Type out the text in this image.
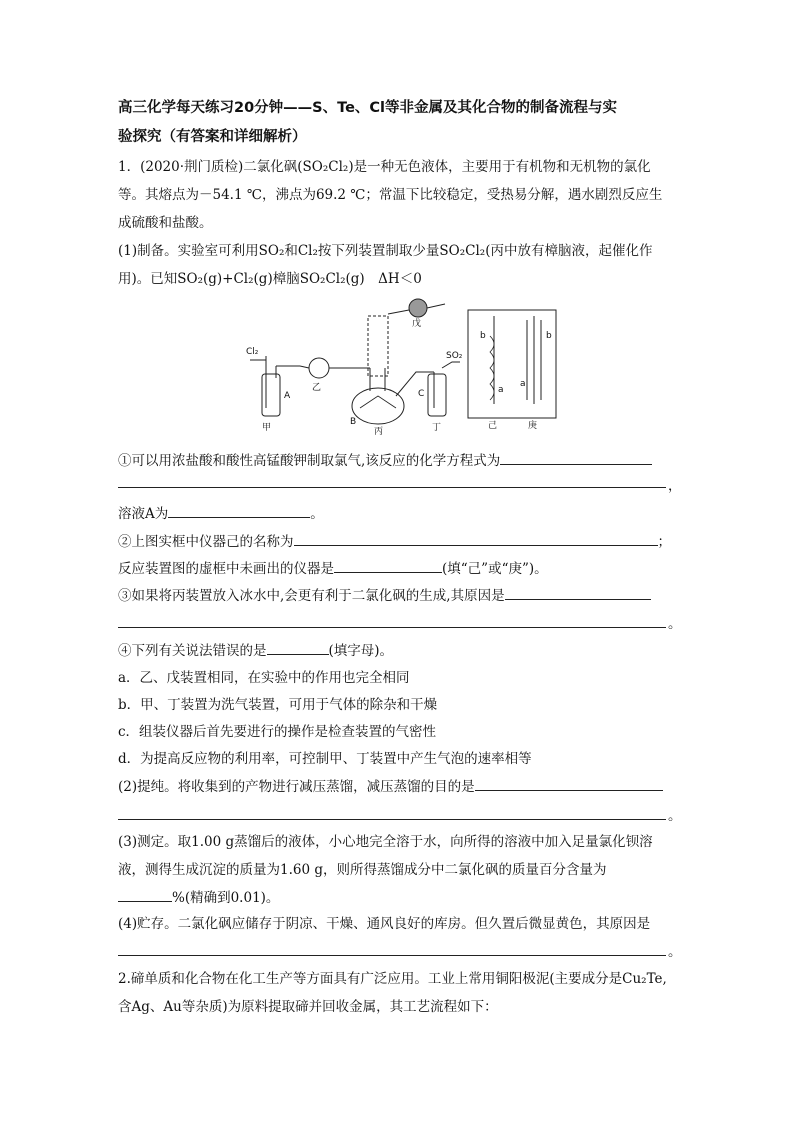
高三化学每天练习20分钟——S、Te、Cl等非金属及其化合物的制备流程与实
验探究（有答案和详细解析）
1．(2020·荆门质检)二氯化砜(SO₂Cl₂)是一种无色液体，主要用于有机物和无机物的氯化
等。其熔点为－54.1 ℃，沸点为69.2 ℃；常温下比较稳定，受热易分解，遇水剧烈反应生
成硫酸和盐酸。
(1)制备。实验室可利用SO₂和Cl₂按下列装置制取少量SO₂Cl₂(丙中放有樟脑液，起催化作
用)。已知SO₂(g)+Cl₂(g)樟脑SO₂Cl₂(g)　ΔH＜0
Cl₂
A
甲
乙
B
丙
戊
C
丁
SO₂
b
a
己
b
a
庚
①可以用浓盐酸和酸性高锰酸钾制取氯气,该反应的化学方程式为
，
溶液A为	。
②上图实框中仪器己的名称为	；
反应装置图的虚框中未画出的仪器是	(填“己”或“庚”)。
③如果将丙装置放入冰水中,会更有利于二氯化砜的生成,其原因是
。
④下列有关说法错误的是	(填字母)。
a．乙、戊装置相同，在实验中的作用也完全相同
b．甲、丁装置为洗气装置，可用于气体的除杂和干燥
c．组装仪器后首先要进行的操作是检查装置的气密性
d．为提高反应物的利用率，可控制甲、丁装置中产生气泡的速率相等
(2)提纯。将收集到的产物进行减压蒸馏，减压蒸馏的目的是
。
(3)测定。取1.00 g蒸馏后的液体，小心地完全溶于水，向所得的溶液中加入足量氯化钡溶
液，测得生成沉淀的质量为1.60 g，则所得蒸馏成分中二氯化砜的质量百分含量为
%(精确到0.01)。
(4)贮存。二氯化砜应储存于阴凉、干燥、通风良好的库房。但久置后微显黄色，其原因是
。
2.碲单质和化合物在化工生产等方面具有广泛应用。工业上常用铜阳极泥(主要成分是Cu₂Te,
含Ag、Au等杂质)为原料提取碲并回收金属，其工艺流程如下：
